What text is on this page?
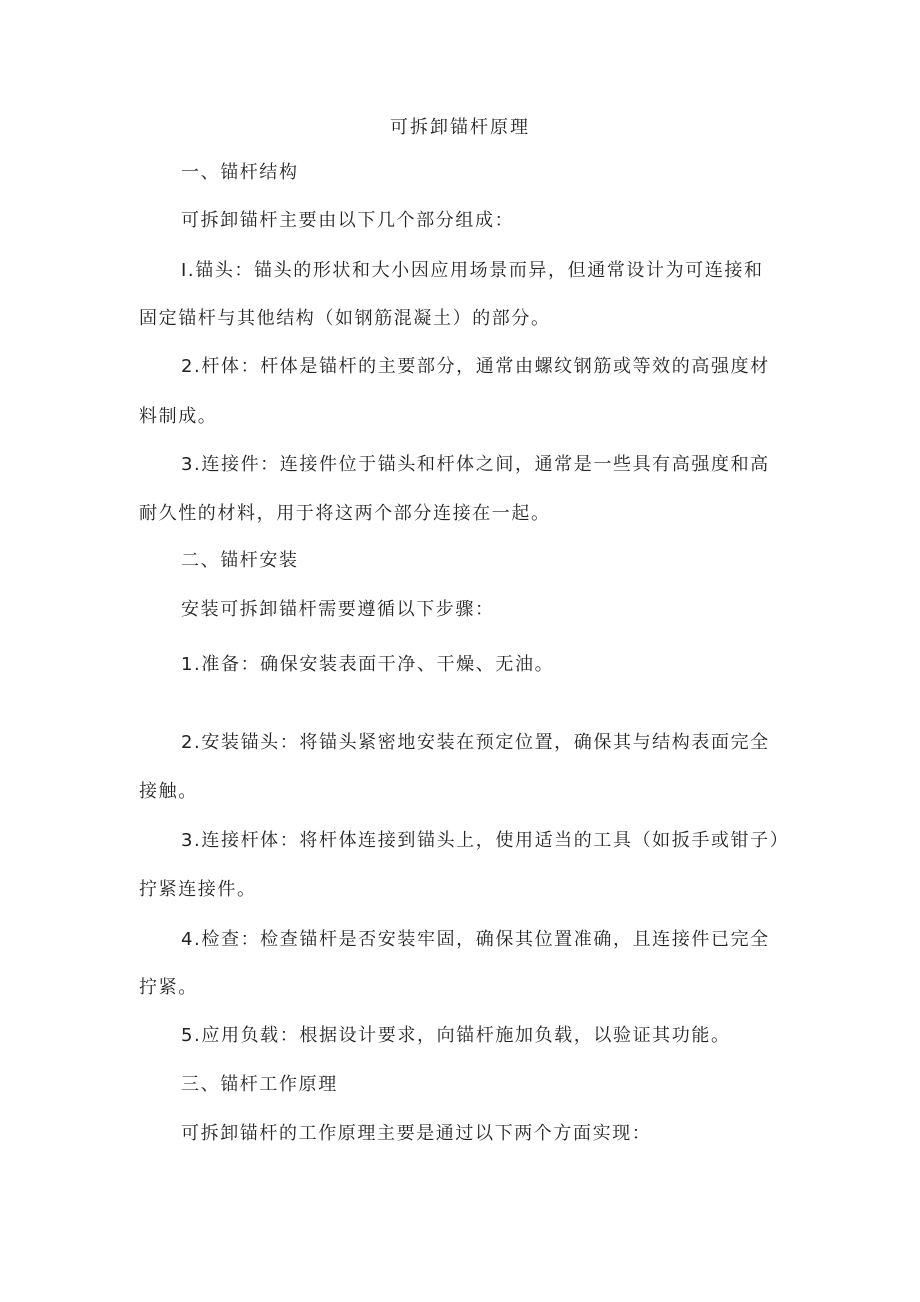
可拆卸锚杆原理
一、锚杆结构
可拆卸锚杆主要由以下几个部分组成：
I.锚头：锚头的形状和大小因应用场景而异，但通常设计为可连接和
固定锚杆与其他结构（如钢筋混凝土）的部分。
2.杆体：杆体是锚杆的主要部分，通常由螺纹钢筋或等效的高强度材
料制成。
3.连接件：连接件位于锚头和杆体之间，通常是一些具有高强度和高
耐久性的材料，用于将这两个部分连接在一起。
二、锚杆安装
安装可拆卸锚杆需要遵循以下步骤：
1.准备：确保安装表面干净、干燥、无油。
2.安装锚头：将锚头紧密地安装在预定位置，确保其与结构表面完全
接触。
3.连接杆体：将杆体连接到锚头上，使用适当的工具（如扳手或钳子）
拧紧连接件。
4.检查：检查锚杆是否安装牢固，确保其位置准确，且连接件已完全
拧紧。
5.应用负载：根据设计要求，向锚杆施加负载，以验证其功能。
三、锚杆工作原理
可拆卸锚杆的工作原理主要是通过以下两个方面实现：
